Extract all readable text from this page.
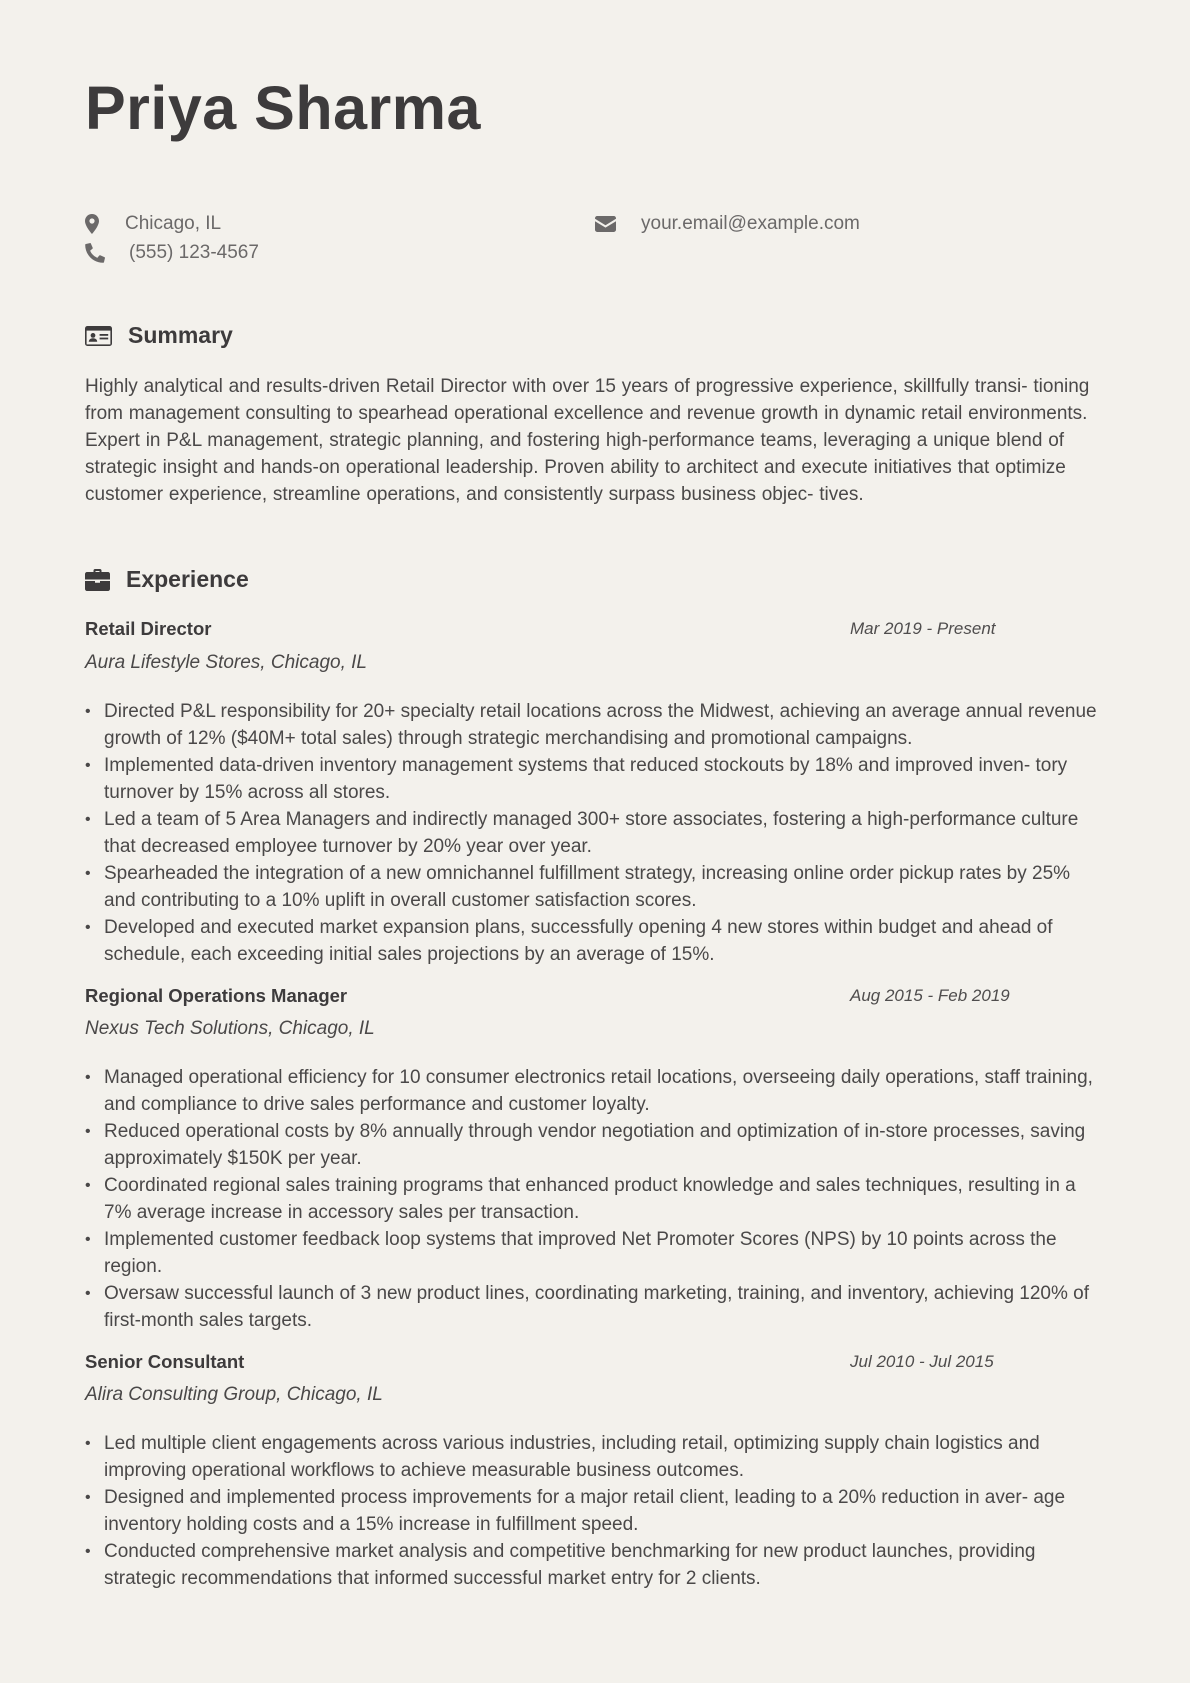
Priya Sharma
Chicago, IL	your.email@example.com
(555) 123-4567
Summary

Highly analytical and results-driven Retail Director with over 15 years of progressive experience, skillfully transi- tioning from management consulting to spearhead operational excellence and revenue growth in dynamic retail environments. Expert in P&L management, strategic planning, and fostering high-performance teams, leveraging a unique blend of strategic insight and hands-on operational leadership. Proven ability to architect and execute initiatives that optimize customer experience, streamline operations, and consistently surpass business objec- tives.

Experience
Retail Director	Mar 2019 - Present
Aura Lifestyle Stores, Chicago, IL
• Directed P&L responsibility for 20+ specialty retail locations across the Midwest, achieving an average annual revenue growth of 12% ($40M+ total sales) through strategic merchandising and promotional campaigns.
• Implemented data-driven inventory management systems that reduced stockouts by 18% and improved inven- tory turnover by 15% across all stores.
• Led a team of 5 Area Managers and indirectly managed 300+ store associates, fostering a high-performance culture that decreased employee turnover by 20% year over year.
• Spearheaded the integration of a new omnichannel fulfillment strategy, increasing online order pickup rates by 25% and contributing to a 10% uplift in overall customer satisfaction scores.
• Developed and executed market expansion plans, successfully opening 4 new stores within budget and ahead of schedule, each exceeding initial sales projections by an average of 15%.
Regional Operations Manager	Aug 2015 - Feb 2019
Nexus Tech Solutions, Chicago, IL
• Managed operational efficiency for 10 consumer electronics retail locations, overseeing daily operations, staff training, and compliance to drive sales performance and customer loyalty.
• Reduced operational costs by 8% annually through vendor negotiation and optimization of in-store processes, saving approximately $150K per year.
• Coordinated regional sales training programs that enhanced product knowledge and sales techniques, resulting in a 7% average increase in accessory sales per transaction.
• Implemented customer feedback loop systems that improved Net Promoter Scores (NPS) by 10 points across the region.
• Oversaw successful launch of 3 new product lines, coordinating marketing, training, and inventory, achieving 120% of first-month sales targets.
Senior Consultant	Jul 2010 - Jul 2015
Alira Consulting Group, Chicago, IL
• Led multiple client engagements across various industries, including retail, optimizing supply chain logistics and improving operational workflows to achieve measurable business outcomes.
• Designed and implemented process improvements for a major retail client, leading to a 20% reduction in aver- age inventory holding costs and a 15% increase in fulfillment speed.
• Conducted comprehensive market analysis and competitive benchmarking for new product launches, providing strategic recommendations that informed successful market entry for 2 clients.
